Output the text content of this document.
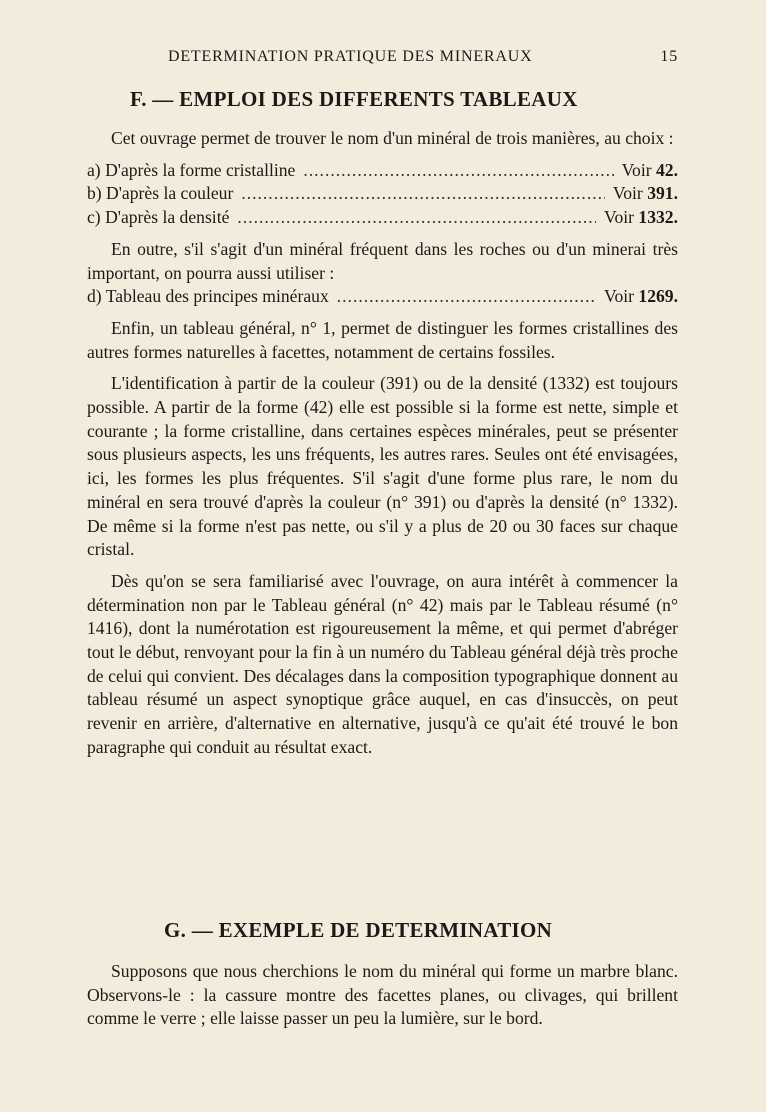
DETERMINATION PRATIQUE DES MINERAUX	15
F. — EMPLOI DES DIFFERENTS TABLEAUX

Cet ouvrage permet de trouver le nom d'un minéral de trois manières, au choix :

a) D'après la forme cristalline .....	Voir 42.
b) D'après la couleur .....	Voir 391.
c) D'après la densité .....	Voir 1332.

En outre, s'il s'agit d'un minéral fréquent dans les roches ou d'un minerai très important, on pourra aussi utiliser :

d) Tableau des principes minéraux .....	Voir 1269.

Enfin, un tableau général, n° 1, permet de distinguer les formes cristallines des autres formes naturelles à facettes, notamment de certains fossiles.

L'identification à partir de la couleur (391) ou de la densité (1332) est toujours possible. A partir de la forme (42) elle est possible si la forme est nette, simple et courante ; la forme cristalline, dans certaines espèces minérales, peut se présenter sous plusieurs aspects, les uns fréquents, les autres rares. Seules ont été envisagées, ici, les formes les plus fréquentes. S'il s'agit d'une forme plus rare, le nom du minéral en sera trouvé d'après la couleur (n° 391) ou d'après la densité (n° 1332). De même si la forme n'est pas nette, ou s'il y a plus de 20 ou 30 faces sur chaque cristal.

Dès qu'on se sera familiarisé avec l'ouvrage, on aura intérêt à commencer la détermination non par le Tableau général (n° 42) mais par le Tableau résumé (n° 1416), dont la numérotation est rigoureusement la même, et qui permet d'abréger tout le début, renvoyant pour la fin à un numéro du Tableau général déjà très proche de celui qui convient. Des décalages dans la composition typographique donnent au tableau résumé un aspect synoptique grâce auquel, en cas d'insuccès, on peut revenir en arrière, d'alternative en alternative, jusqu'à ce qu'ait été trouvé le bon paragraphe qui conduit au résultat exact.

G. — EXEMPLE DE DETERMINATION

Supposons que nous cherchions le nom du minéral qui forme un marbre blanc. Observons-le : la cassure montre des facettes planes, ou clivages, qui brillent comme le verre ; elle laisse passer un peu la lumière, sur le bord.
